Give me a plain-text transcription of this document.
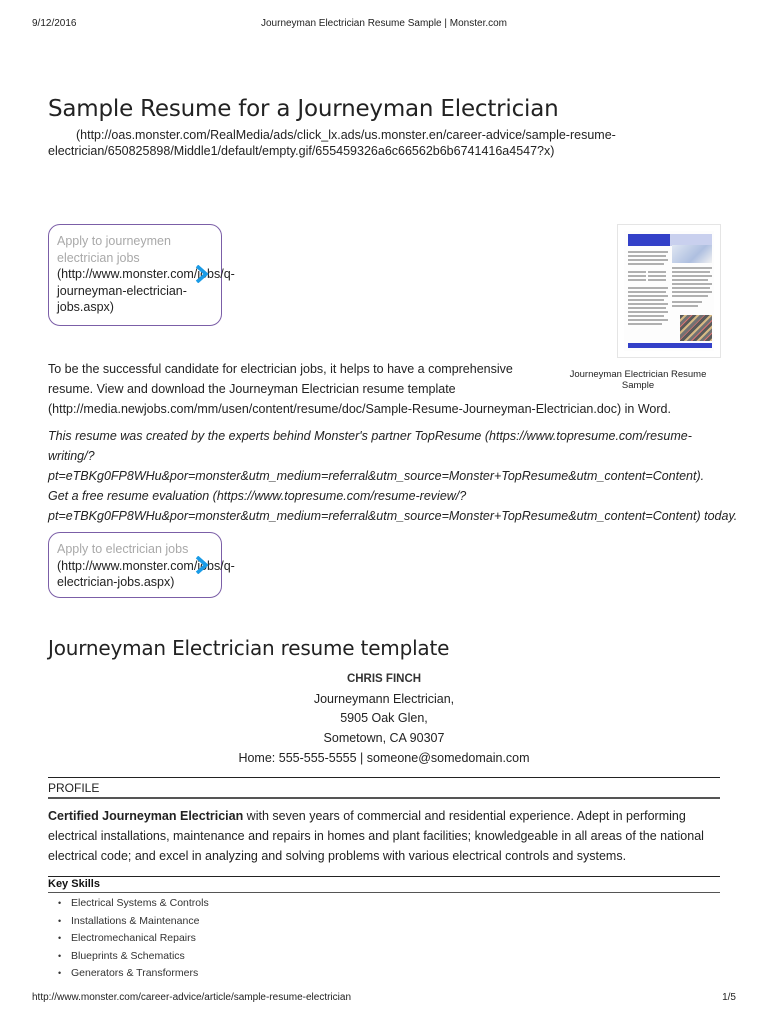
9/12/2016	Journeyman Electrician Resume Sample | Monster.com
Sample Resume for a Journeyman Electrician
(http://oas.monster.com/RealMedia/ads/click_lx.ads/us.monster.en/career-advice/sample-resume-electrician/650825898/Middle1/default/empty.gif/655459326a6c66562b6b6741416a4547?x)
Apply to journeymen electrician jobs
(http://www.monster.com/jobs/q-
journeyman-electrician-
jobs.aspx)
Journeyman Electrician Resume Sample
To be the successful candidate for electrician jobs, it helps to have a comprehensive
resume. View and download the Journeyman Electrician resume template
(http://media.newjobs.com/mm/usen/content/resume/doc/Sample-Resume-Journeyman-Electrician.doc) in Word.
This resume was created by the experts behind Monster's partner TopResume (https://www.topresume.com/resume-
writing/?
pt=eTBKg0FP8WHu&por=monster&utm_medium=referral&utm_source=Monster+TopResume&utm_content=Content).
Get a free resume evaluation (https://www.topresume.com/resume-review/?
pt=eTBKg0FP8WHu&por=monster&utm_medium=referral&utm_source=Monster+TopResume&utm_content=Content) today.
Apply to electrician jobs
(http://www.monster.com/jobs/q-
electrician-jobs.aspx)
Journeyman Electrician resume template
CHRIS FINCH
Journeymann Electrician,
5905 Oak Glen,
Sometown, CA 90307
Home: 555-555-5555 | someone@somedomain.com
PROFILE
Certified Journeyman Electrician with seven years of commercial and residential experience. Adept in performing electrical installations, maintenance and repairs in homes and plant facilities; knowledgeable in all areas of the national electrical code; and excel in analyzing and solving problems with various electrical controls and systems.
Key Skills
• Electrical Systems & Controls
• Installations & Maintenance
• Electromechanical Repairs
• Blueprints & Schematics
• Generators & Transformers
http://www.monster.com/career-advice/article/sample-resume-electrician	1/5
